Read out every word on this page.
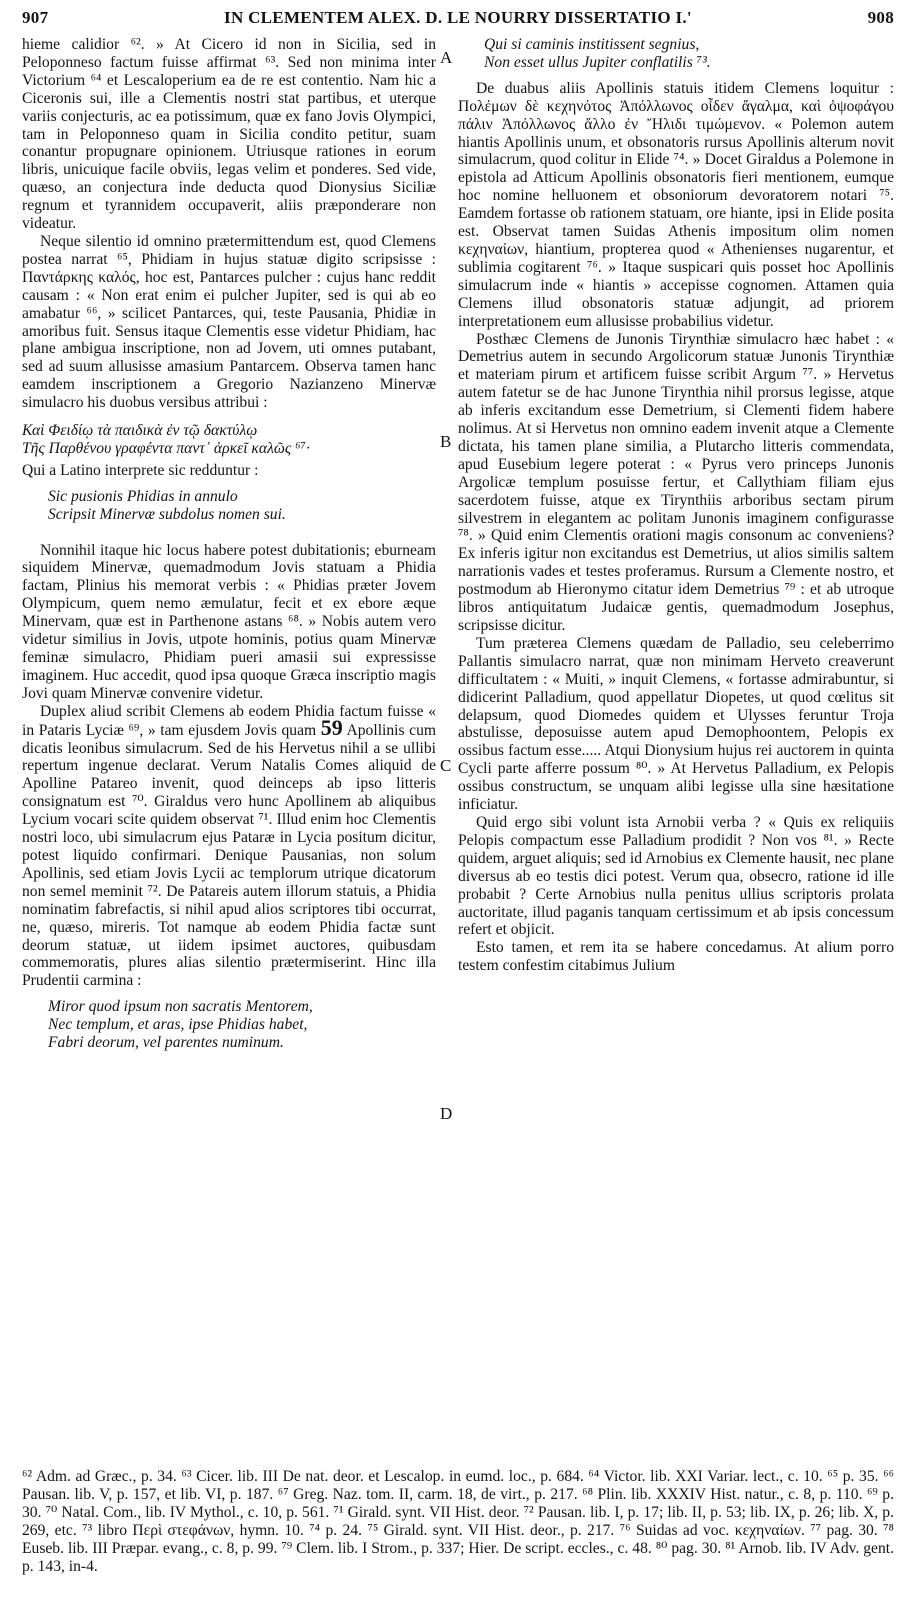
907	IN CLEMENTEM ALEX. D. LE NOURRY DISSERTATIO I.'	908
A
B
C
D

hieme calidior ⁶². » At Cicero id non in Sicilia, sed in Peloponneso factum fuisse affirmat ⁶³. Sed non minima inter Victorium ⁶⁴ et Lescaloperium ea de re est contentio. Nam hic a Ciceronis sui, ille a Clementis nostri stat partibus, et uterque variis conjecturis, ac ea potissimum, quæ ex fano Jovis Olympici, tam in Peloponneso quam in Sicilia condito petitur, suam conantur propugnare opinionem. Utriusque rationes in eorum libris, unicuique facile obviis, legas velim et ponderes. Sed vide, quæso, an conjectura inde deducta quod Dionysius Siciliæ regnum et tyrannidem occupaverit, aliis præponderare non videatur.

Neque silentio id omnino prætermittendum est, quod Clemens postea narrat ⁶⁵, Phidiam in hujus statuæ digito scripsisse : Παντάρκης καλός, hoc est, Pantarces pulcher : cujus hanc reddit causam : « Non erat enim ei pulcher Jupiter, sed is qui ab eo amabatur ⁶⁶, » scilicet Pantarces, qui, teste Pausania, Phidiæ in amoribus fuit. Sensus itaque Clementis esse videtur Phidiam, hac plane ambigua inscriptione, non ad Jovem, uti omnes putabant, sed ad suum allusisse amasium Pantarcem. Observa tamen hanc eamdem inscriptionem a Gregorio Nazianzeno Minervæ simulacro his duobus versibus attribui :

Καὶ Φειδίῳ τὰ παιδικὰ ἐν τῷ δακτύλῳ
Τῆς Παρθένου γραφέντα παντ᾽ ἀρκεῖ καλῶς ⁶⁷·

Qui a Latino interprete sic redduntur :

Sic pusionis Phidias in annulo
Scripsit Minervæ subdolus nomen sui.

Nonnihil itaque hic locus habere potest dubitationis; eburneam siquidem Minervæ, quemadmodum Jovis statuam a Phidia factam, Plinius his memorat verbis : « Phidias præter Jovem Olympicum, quem nemo æmulatur, fecit et ex ebore æque Minervam, quæ est in Parthenone astans ⁶⁸. » Nobis autem vero videtur similius in Jovis, utpote hominis, potius quam Minervæ feminæ simulacro, Phidiam pueri amasii sui expressisse imaginem. Huc accedit, quod ipsa quoque Græca inscriptio magis Jovi quam Minervæ convenire videtur.

Duplex aliud scribit Clemens ab eodem Phidia factum fuisse « in Pataris Lyciæ ⁶⁹, » tam ejusdem Jovis quam 59 Apollinis cum dicatis leonibus simulacrum. Sed de his Hervetus nihil a se ullibi repertum ingenue declarat. Verum Natalis Comes aliquid de Apolline Patareo invenit, quod deinceps ab ipso litteris consignatum est ⁷⁰. Giraldus vero hunc Apollinem ab aliquibus Lycium vocari scite quidem observat ⁷¹. Illud enim hoc Clementis nostri loco, ubi simulacrum ejus Pataræ in Lycia positum dicitur, potest liquido confirmari. Denique Pausanias, non solum Apollinis, sed etiam Jovis Lycii ac templorum utrique dicatorum non semel meminit ⁷². De Patareis autem illorum statuis, a Phidia nominatim fabrefactis, si nihil apud alios scriptores tibi occurrat, ne, quæso, mireris. Tot namque ab eodem Phidia factæ sunt deorum statuæ, ut iidem ipsimet auctores, quibusdam commemoratis, plures alias silentio prætermiserint. Hinc illa Prudentii carmina :

Miror quod ipsum non sacratis Mentorem,
Nec templum, et aras, ipse Phidias habet,
Fabri deorum, vel parentes numinum.
Qui si caminis institissent segnius,
Non esset ullus Jupiter conflatilis ⁷³.

De duabus aliis Apollinis statuis itidem Clemens loquitur : Πολέμων δὲ κεχηνότος Ἀπόλλωνος οἶδεν ἄγαλμα, καὶ ὀψοφάγου πάλιν Ἀπόλλωνος ἄλλο ἐν Ἤλιδι τιμώμενον. « Polemon autem hiantis Apollinis unum, et obsonatoris rursus Apollinis alterum novit simulacrum, quod colitur in Elide ⁷⁴. » Docet Giraldus a Polemone in epistola ad Atticum Apollinis obsonatoris fieri mentionem, eumque hoc nomine helluonem et obsoniorum devoratorem notari ⁷⁵. Eamdem fortasse ob rationem statuam, ore hiante, ipsi in Elide posita est. Observat tamen Suidas Athenis impositum olim nomen κεχηναίων, hiantium, propterea quod « Athenienses nugarentur, et sublimia cogitarent ⁷⁶. » Itaque suspicari quis posset hoc Apollinis simulacrum inde « hiantis » accepisse cognomen. Attamen quia Clemens illud obsonatoris statuæ adjungit, ad priorem interpretationem eum allusisse probabilius videtur.

Posthæc Clemens de Junonis Tirynthiæ simulacro hæc habet : « Demetrius autem in secundo Argolicorum statuæ Junonis Tirynthiæ et materiam pirum et artificem fuisse scribit Argum ⁷⁷. » Hervetus autem fatetur se de hac Junone Tirynthia nihil prorsus legisse, atque ab inferis excitandum esse Demetrium, si Clementi fidem habere nolimus. At si Hervetus non omnino eadem invenit atque a Clemente dictata, his tamen plane similia, a Plutarcho litteris commendata, apud Eusebium legere poterat : « Pyrus vero princeps Junonis Argolicæ templum posuisse fertur, et Callythiam filiam ejus sacerdotem fuisse, atque ex Tirynthiis arboribus sectam pirum silvestrem in elegantem ac politam Junonis imaginem configurasse ⁷⁸. » Quid enim Clementis orationi magis consonum ac conveniens? Ex inferis igitur non excitandus est Demetrius, ut alios similis saltem narrationis vades et testes proferamus. Rursum a Clemente nostro, et postmodum ab Hieronymo citatur idem Demetrius ⁷⁹ : et ab utroque libros antiquitatum Judaicæ gentis, quemadmodum Josephus, scripsisse dicitur.

Tum præterea Clemens quædam de Palladio, seu celeberrimo Pallantis simulacro narrat, quæ non minimam Herveto creaverunt difficultatem : « Muiti, » inquit Clemens, « fortasse admirabuntur, si didicerint Palladium, quod appellatur Diopetes, ut quod cœlitus sit delapsum, quod Diomedes quidem et Ulysses feruntur Troja abstulisse, deposuisse autem apud Demophoontem, Pelopis ex ossibus factum esse..... Atqui Dionysium hujus rei auctorem in quinta Cycli parte afferre possum ⁸⁰. » At Hervetus Palladium, ex Pelopis ossibus constructum, se unquam alibi legisse ulla sine hæsitatione inficiatur.

Quid ergo sibi volunt ista Arnobii verba ? « Quis ex reliquiis Pelopis compactum esse Palladium prodidit ? Non vos ⁸¹. » Recte quidem, arguet aliquis; sed id Arnobius ex Clemente hausit, nec plane diversus ab eo testis dici potest. Verum qua, obsecro, ratione id ille probabit ? Certe Arnobius nulla penitus ullius scriptoris prolata auctoritate, illud paganis tanquam certissimum et ab ipsis concessum refert et objicit.

Esto tamen, et rem ita se habere concedamus. At alium porro testem confestim citabimus Julium

⁶² Adm. ad Græc., p. 34. ⁶³ Cicer. lib. III De nat. deor. et Lescalop. in eumd. loc., p. 684. ⁶⁴ Victor. lib. XXI Variar. lect., c. 10. ⁶⁵ p. 35. ⁶⁶ Pausan. lib. V, p. 157, et lib. VI, p. 187. ⁶⁷ Greg. Naz. tom. II, carm. 18, de virt., p. 217. ⁶⁸ Plin. lib. XXXIV Hist. natur., c. 8, p. 110. ⁶⁹ p. 30. ⁷⁰ Natal. Com., lib. IV Mythol., c. 10, p. 561. ⁷¹ Girald. synt. VII Hist. deor. ⁷² Pausan. lib. I, p. 17; lib. II, p. 53; lib. IX, p. 26; lib. X, p. 269, etc. ⁷³ libro Περὶ στεφάνων, hymn. 10. ⁷⁴ p. 24. ⁷⁵ Girald. synt. VII Hist. deor., p. 217. ⁷⁶ Suidas ad voc. κεχηναίων. ⁷⁷ pag. 30. ⁷⁸ Euseb. lib. III Præpar. evang., c. 8, p. 99. ⁷⁹ Clem. lib. I Strom., p. 337; Hier. De script. eccles., c. 48. ⁸⁰ pag. 30. ⁸¹ Arnob. lib. IV Adv. gent. p. 143, in-4.
